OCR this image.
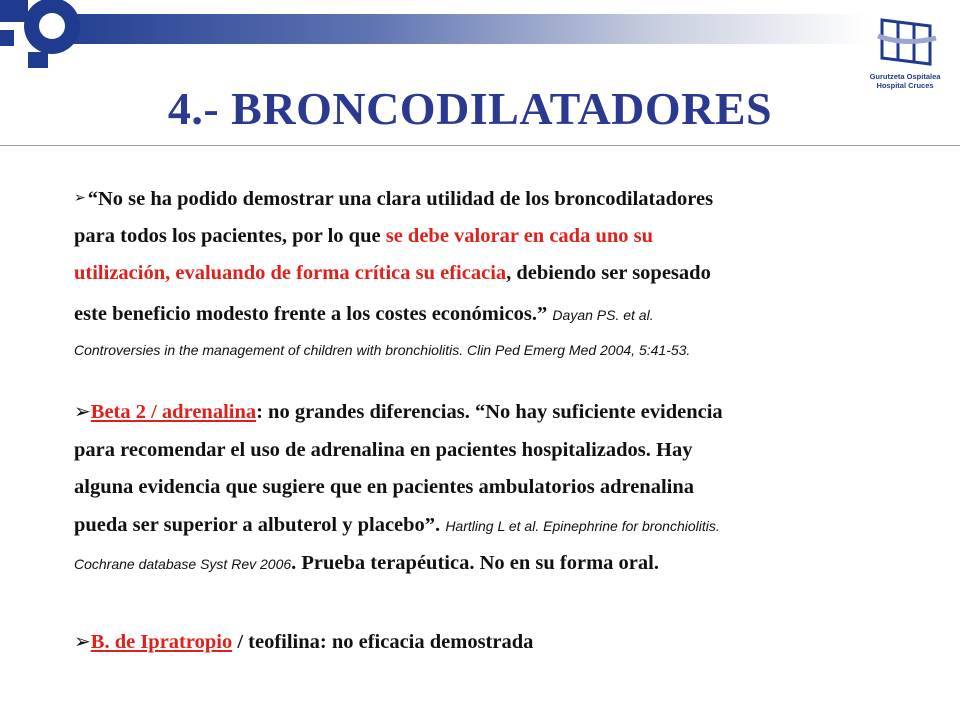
Gurutzeta Ospitalea
Hospital Cruces
4.- BRONCODILATADORES
➢“No se ha podido demostrar una clara utilidad de los broncodilatadores
para todos los pacientes, por lo que se debe valorar en cada uno su
utilización, evaluando de forma crítica su eficacia, debiendo ser sopesado
este beneficio modesto frente a los costes económicos.” Dayan PS. et al.
Controversies in the management of children with bronchiolitis. Clin Ped Emerg Med 2004, 5:41-53.
➢Beta 2 / adrenalina: no grandes diferencias. “No hay suficiente evidencia
para recomendar el uso de adrenalina en pacientes hospitalizados. Hay
alguna evidencia que sugiere que en pacientes ambulatorios adrenalina
pueda ser superior a albuterol y placebo”. Hartling L et al. Epinephrine for bronchiolitis.
Cochrane database Syst Rev 2006. Prueba terapéutica. No en su forma oral.
➢B. de Ipratropio / teofilina: no eficacia demostrada
